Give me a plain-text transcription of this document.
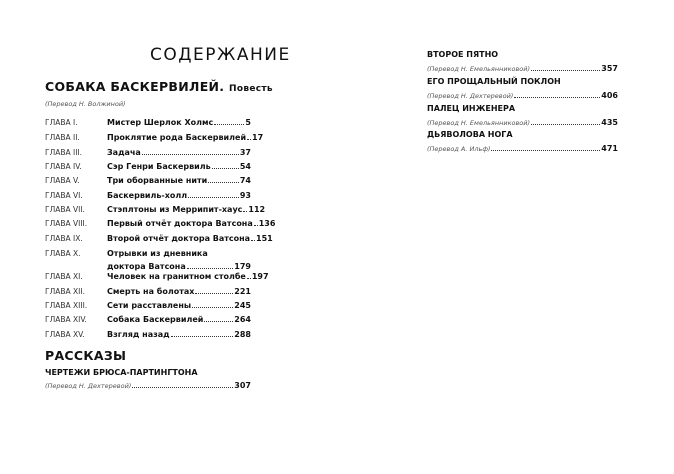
СОДЕРЖАНИЕ
СОБАКА БАСКЕРВИЛЕЙ. Повесть
(Перевод Н. Волжиной)
ГЛАВА I.	Мистер Шерлок Холмс	5
ГЛАВА II.	Проклятие рода Баскервилей 17
ГЛАВА III.	Задача	37
ГЛАВА IV.	Сэр Генри Баскервиль	54
ГЛАВА V.	Три оборванные нити	74
ГЛАВА VI.	Баскервиль-холл	93
ГЛАВА VII.	Стэплтоны из Меррипит-хаус 112
ГЛАВА VIII.	Первый отчёт доктора Ватсона 136
ГЛАВА IX.	Второй отчёт доктора Ватсона 151
ГЛАВА X.	Отрывки из дневника
доктора Ватсона	179
ГЛАВА XI.	Человек на гранитном столбе 197
ГЛАВА XII.	Смерть на болотах	221
ГЛАВА XIII.	Сети расставлены	245
ГЛАВА XIV.	Собака Баскервилей	264
ГЛАВА XV.	Взгляд назад	288
РАССКАЗЫ
ЧЕРТЕЖИ БРЮСА-ПАРТИНГТОНА
(Перевод Н. Дехтеревой)	307
ВТОРОЕ ПЯТНО
(Перевод Н. Емельянниковой)	357
ЕГО ПРОЩАЛЬНЫЙ ПОКЛОН
(Перевод Н. Дехтеревой)	406
ПАЛЕЦ ИНЖЕНЕРА
(Перевод Н. Емельянниковой)	435
ДЬЯВОЛОВА НОГА
(Перевод А. Ильф)	471
